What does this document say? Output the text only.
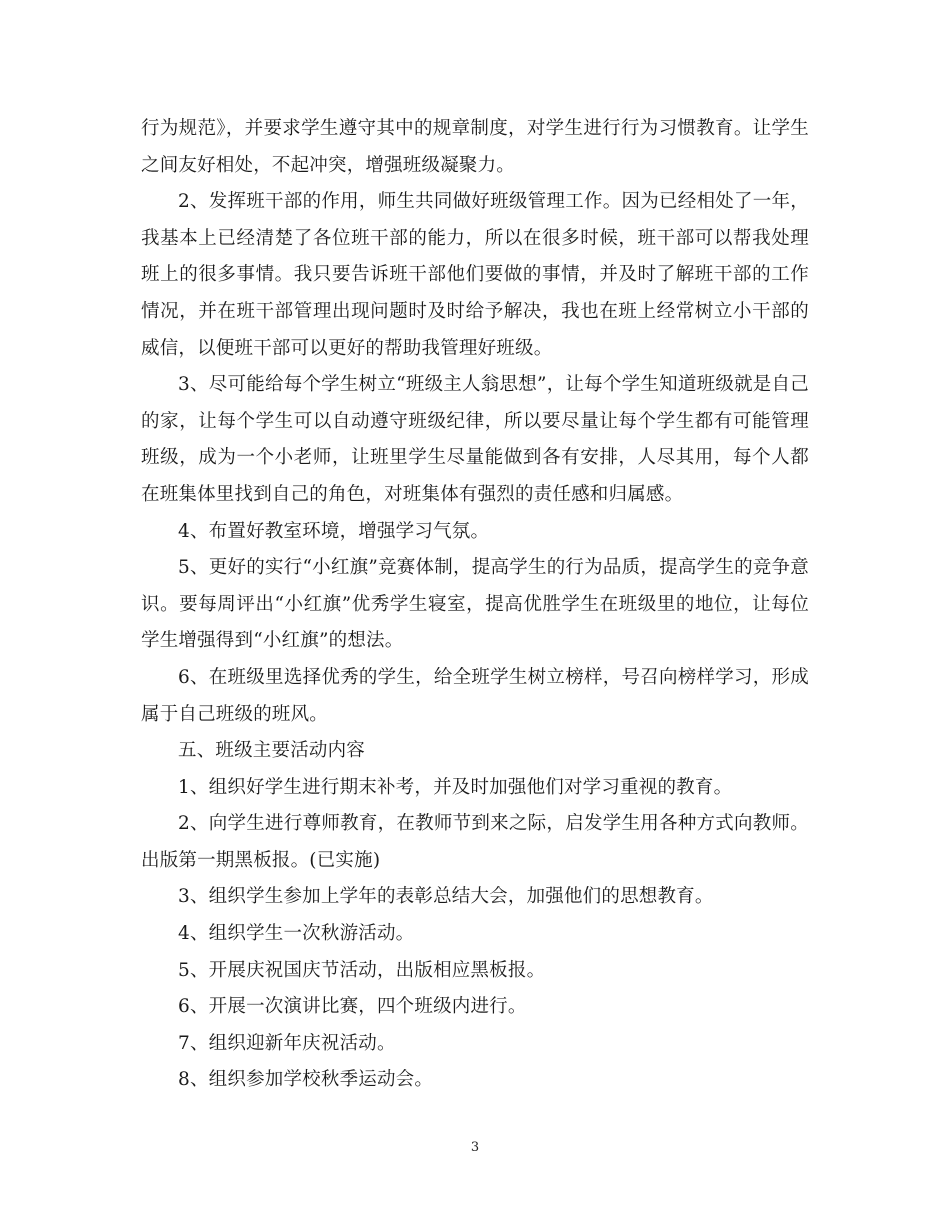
行为规范》，并要求学生遵守其中的规章制度，对学生进行行为习惯教育。让学生之间友好相处，不起冲突，增强班级凝聚力。

2、发挥班干部的作用，师生共同做好班级管理工作。因为已经相处了一年，我基本上已经清楚了各位班干部的能力，所以在很多时候，班干部可以帮我处理班上的很多事情。我只要告诉班干部他们要做的事情，并及时了解班干部的工作情况，并在班干部管理出现问题时及时给予解决，我也在班上经常树立小干部的威信，以便班干部可以更好的帮助我管理好班级。

3、尽可能给每个学生树立“班级主人翁思想”，让每个学生知道班级就是自己的家，让每个学生可以自动遵守班级纪律，所以要尽量让每个学生都有可能管理班级，成为一个小老师，让班里学生尽量能做到各有安排，人尽其用，每个人都在班集体里找到自己的角色，对班集体有强烈的责任感和归属感。

4、布置好教室环境，增强学习气氛。

5、更好的实行“小红旗”竞赛体制，提高学生的行为品质，提高学生的竞争意识。要每周评出“小红旗”优秀学生寝室，提高优胜学生在班级里的地位，让每位学生增强得到“小红旗”的想法。

6、在班级里选择优秀的学生，给全班学生树立榜样，号召向榜样学习，形成属于自己班级的班风。

五、班级主要活动内容

1、组织好学生进行期末补考，并及时加强他们对学习重视的教育。

2、向学生进行尊师教育，在教师节到来之际，启发学生用各种方式向教师。出版第一期黑板报。(已实施)

3、组织学生参加上学年的表彰总结大会，加强他们的思想教育。

4、组织学生一次秋游活动。

5、开展庆祝国庆节活动，出版相应黑板报。

6、开展一次演讲比赛，四个班级内进行。

7、组织迎新年庆祝活动。

8、组织参加学校秋季运动会。

3
